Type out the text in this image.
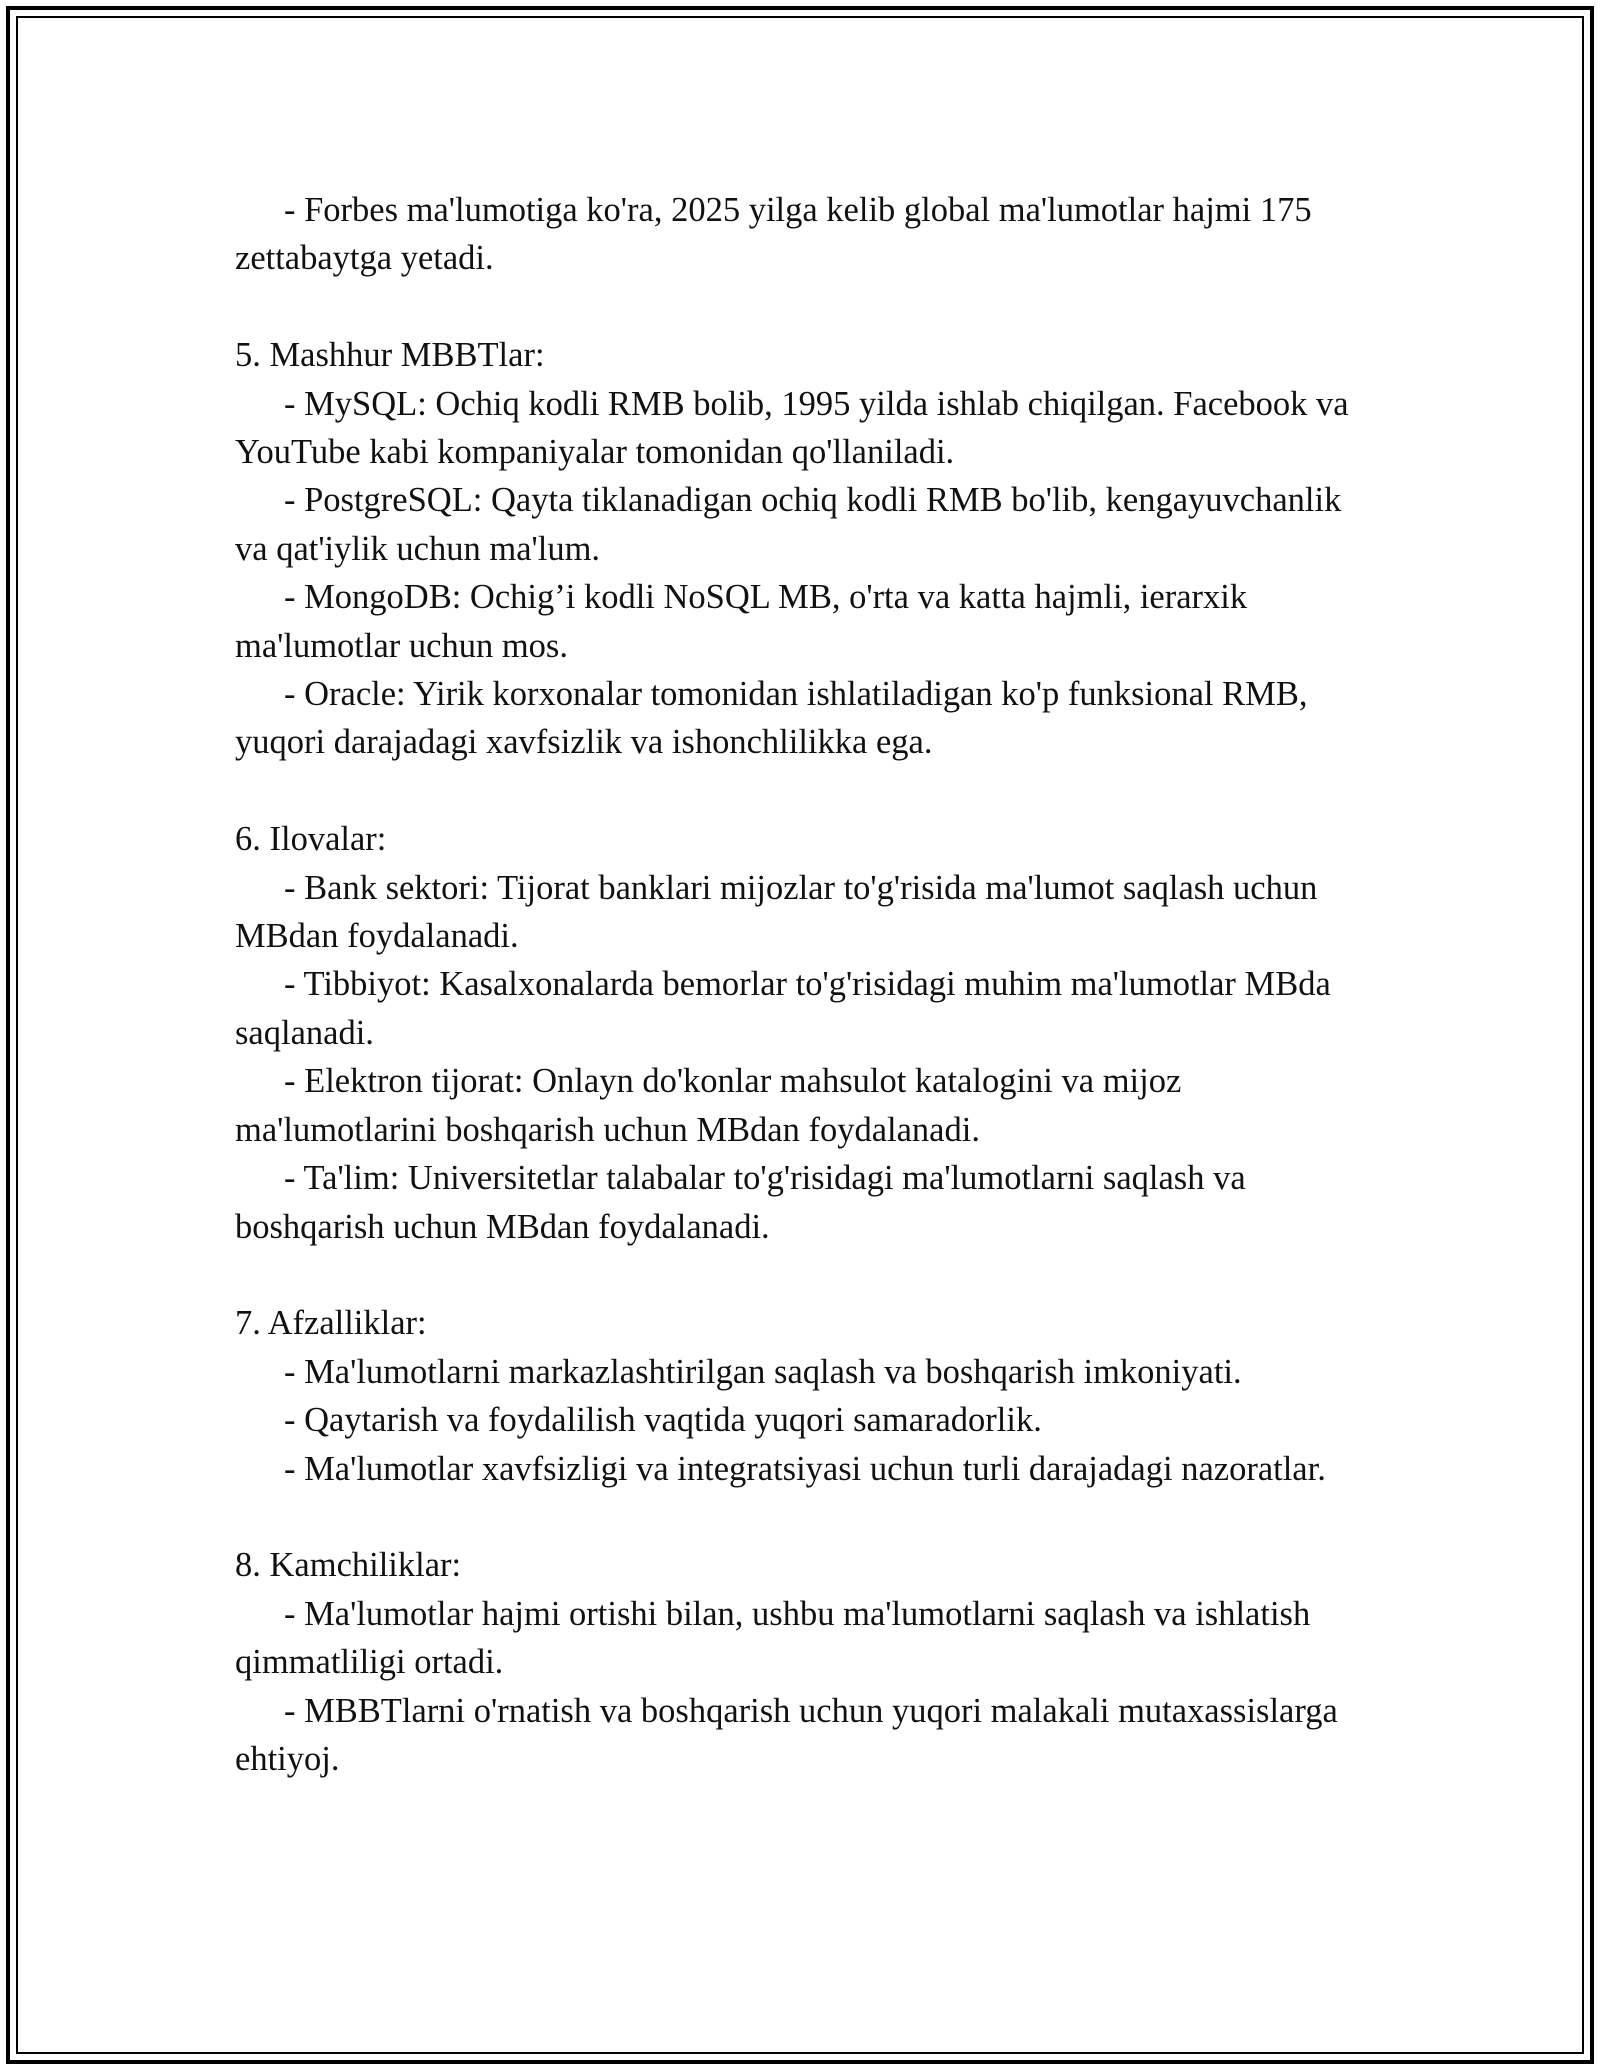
- Forbes ma'lumotiga ko'ra, 2025 yilga kelib global ma'lumotlar hajmi 175 zettabaytga yetadi.

5. Mashhur MBBTlar:

- MySQL: Ochiq kodli RMB bolib, 1995 yilda ishlab chiqilgan. Facebook va YouTube kabi kompaniyalar tomonidan qo'llaniladi.

- PostgreSQL: Qayta tiklanadigan ochiq kodli RMB bo'lib, kengayuvchanlik va qat'iylik uchun ma'lum.

- MongoDB: Ochig’i kodli NoSQL MB, o'rta va katta hajmli, ierarxik ma'lumotlar uchun mos.

- Oracle: Yirik korxonalar tomonidan ishlatiladigan ko'p funksional RMB, yuqori darajadagi xavfsizlik va ishonchlilikka ega.

6. Ilovalar:

- Bank sektori: Tijorat banklari mijozlar to'g'risida ma'lumot saqlash uchun MBdan foydalanadi.

- Tibbiyot: Kasalxonalarda bemorlar to'g'risidagi muhim ma'lumotlar MBda saqlanadi.

- Elektron tijorat: Onlayn do'konlar mahsulot katalogini va mijoz ma'lumotlarini boshqarish uchun MBdan foydalanadi.

- Ta'lim: Universitetlar talabalar to'g'risidagi ma'lumotlarni saqlash va boshqarish uchun MBdan foydalanadi.

7. Afzalliklar:

- Ma'lumotlarni markazlashtirilgan saqlash va boshqarish imkoniyati.

- Qaytarish va foydalilish vaqtida yuqori samaradorlik.

- Ma'lumotlar xavfsizligi va integratsiyasi uchun turli darajadagi nazoratlar.

8. Kamchiliklar:

- Ma'lumotlar hajmi ortishi bilan, ushbu ma'lumotlarni saqlash va ishlatish qimmatliligi ortadi.

- MBBTlarni o'rnatish va boshqarish uchun yuqori malakali mutaxassislarga ehtiyoj.
